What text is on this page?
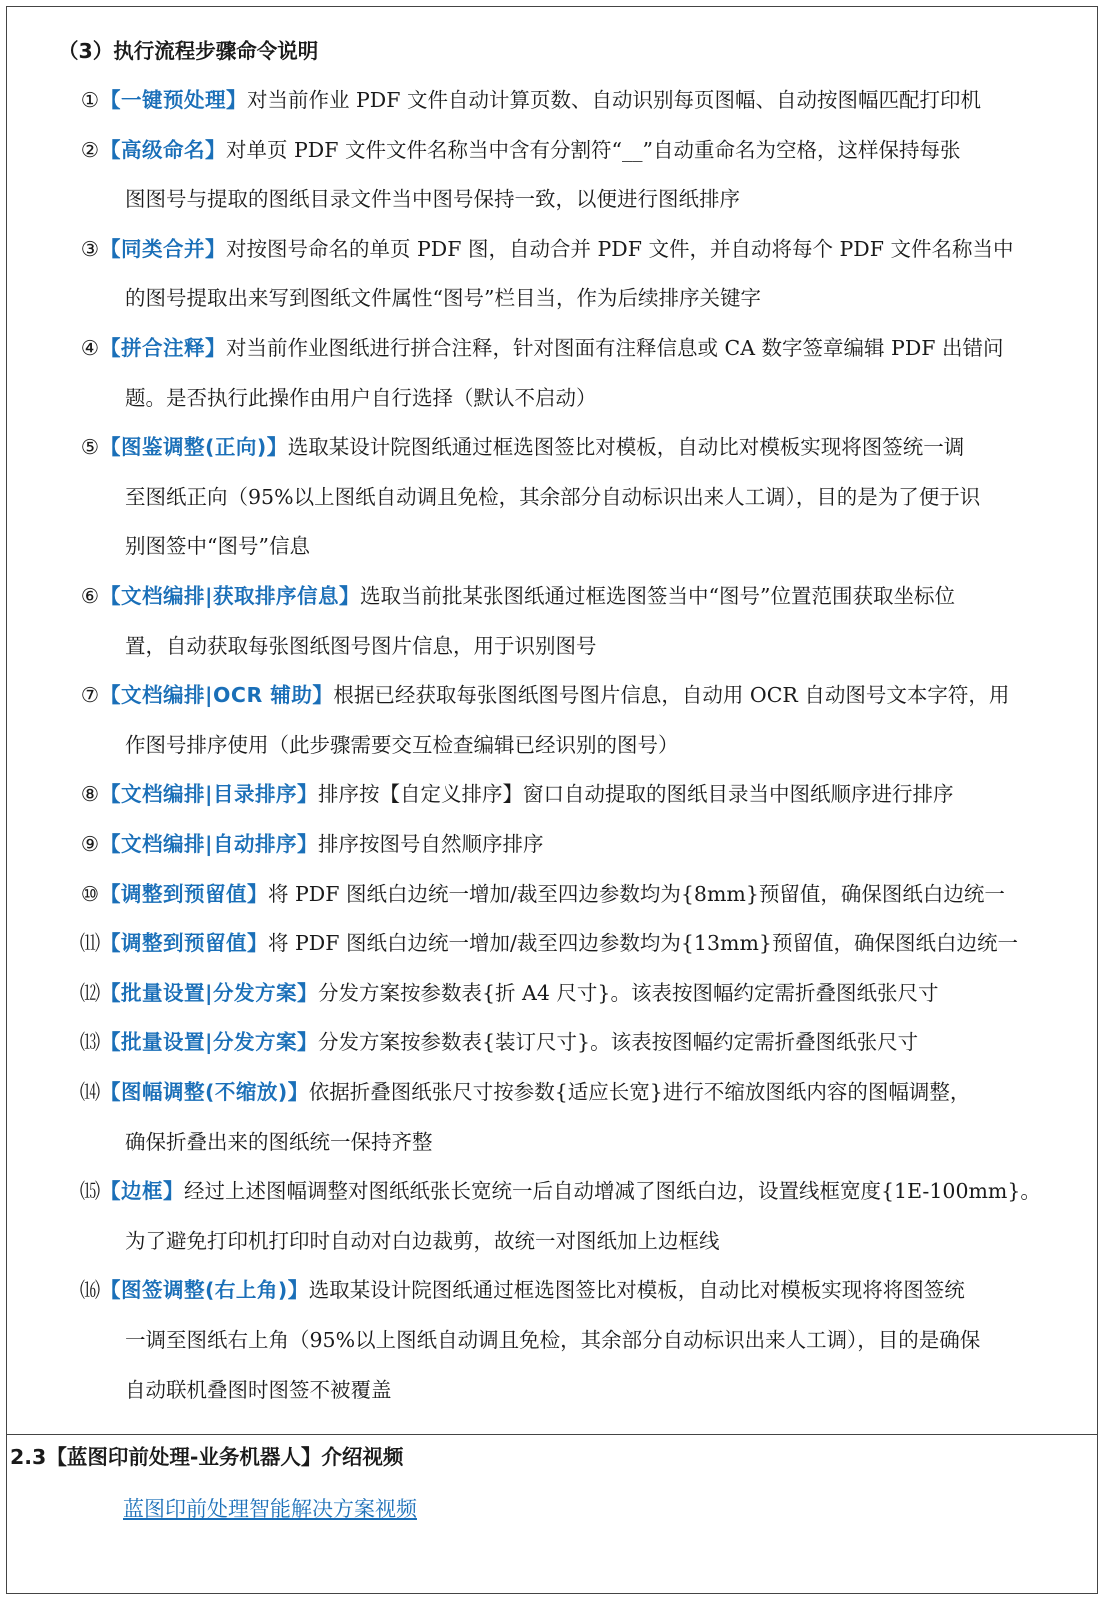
（3）执行流程步骤命令说明
① 【一键预处理】对当前作业 PDF 文件自动计算页数、自动识别每页图幅、自动按图幅匹配打印机
② 【高级命名】对单页 PDF 文件文件名称当中含有分割符“__”自动重命名为空格，这样保持每张
图图号与提取的图纸目录文件当中图号保持一致，以便进行图纸排序
③ 【同类合并】对按图号命名的单页 PDF 图，自动合并 PDF 文件，并自动将每个 PDF 文件名称当中
的图号提取出来写到图纸文件属性“图号”栏目当，作为后续排序关键字
④ 【拼合注释】对当前作业图纸进行拼合注释，针对图面有注释信息或 CA 数字签章编辑 PDF 出错问
题。是否执行此操作由用户自行选择（默认不启动）
⑤ 【图鉴调整(正向)】选取某设计院图纸通过框选图签比对模板，自动比对模板实现将图签统一调
至图纸正向（95%以上图纸自动调且免检，其余部分自动标识出来人工调），目的是为了便于识
别图签中“图号”信息
⑥ 【文档编排|获取排序信息】选取当前批某张图纸通过框选图签当中“图号”位置范围获取坐标位
置，自动获取每张图纸图号图片信息，用于识别图号
⑦ 【文档编排|OCR 辅助】根据已经获取每张图纸图号图片信息，自动用 OCR 自动图号文本字符，用
作图号排序使用（此步骤需要交互检查编辑已经识别的图号）
⑧ 【文档编排|目录排序】排序按【自定义排序】窗口自动提取的图纸目录当中图纸顺序进行排序
⑨ 【文档编排|自动排序】排序按图号自然顺序排序
⑩ 【调整到预留值】将 PDF 图纸白边统一增加/裁至四边参数均为{8mm}预留值，确保图纸白边统一
⑾ 【调整到预留值】将 PDF 图纸白边统一增加/裁至四边参数均为{13mm}预留值，确保图纸白边统一
⑿ 【批量设置|分发方案】分发方案按参数表{折 A4 尺寸}。该表按图幅约定需折叠图纸张尺寸
⒀ 【批量设置|分发方案】分发方案按参数表{装订尺寸}。该表按图幅约定需折叠图纸张尺寸
⒁ 【图幅调整(不缩放)】依据折叠图纸张尺寸按参数{适应长宽}进行不缩放图纸内容的图幅调整，
确保折叠出来的图纸统一保持齐整
⒂ 【边框】经过上述图幅调整对图纸纸张长宽统一后自动增减了图纸白边，设置线框宽度{1E-100mm}。
为了避免打印机打印时自动对白边裁剪，故统一对图纸加上边框线
⒃ 【图签调整(右上角)】选取某设计院图纸通过框选图签比对模板，自动比对模板实现将将图签统
一调至图纸右上角（95%以上图纸自动调且免检，其余部分自动标识出来人工调），目的是确保
自动联机叠图时图签不被覆盖
2.3【蓝图印前处理-业务机器人】介绍视频
蓝图印前处理智能解决方案视频
